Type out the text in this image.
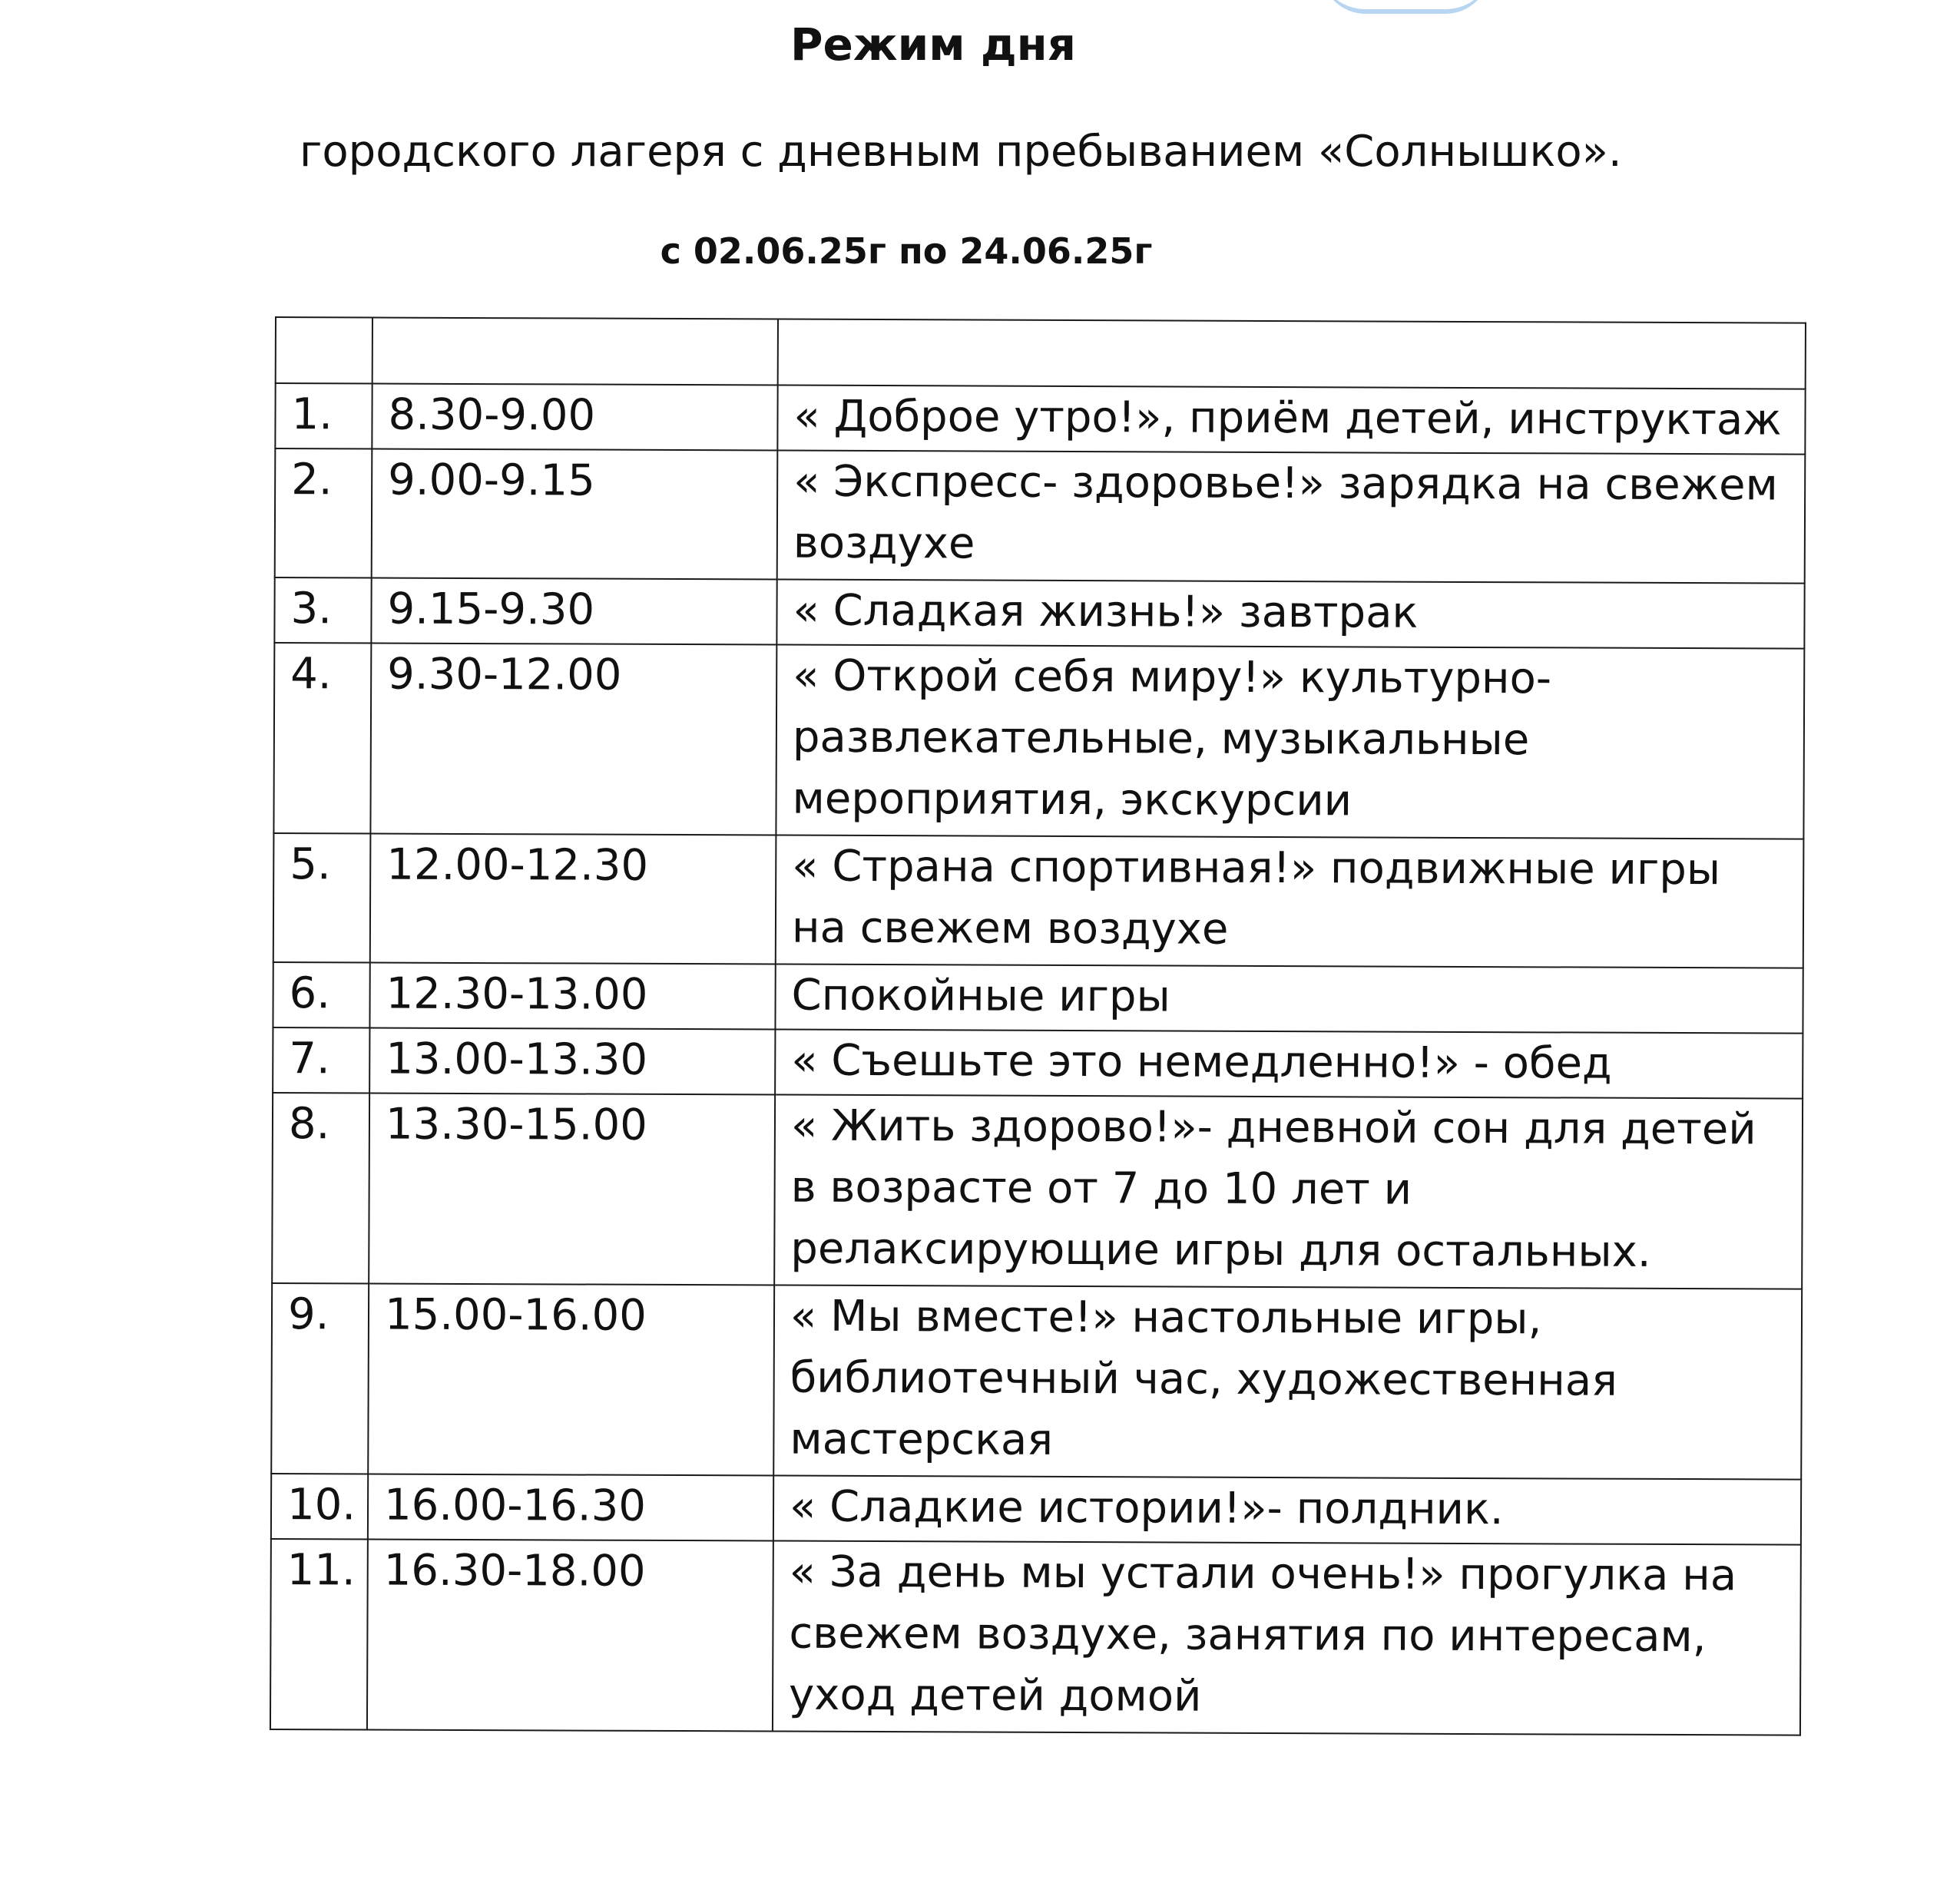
Режим дня

городского лагеря с дневным пребыванием «Солнышко».

с 02.06.25г по 24.06.25г

1.	8.30-9.00	« Доброе утро!», приём детей, инструктаж
2.	9.00-9.15	« Экспресс- здоровье!» зарядка на свежем воздухе
3.	9.15-9.30	« Сладкая жизнь!» завтрак
4.	9.30-12.00	« Открой себя миру!» культурно-развлекательные, музыкальные мероприятия, экскурсии
5.	12.00-12.30	« Страна спортивная!» подвижные игры на свежем воздухе
6.	12.30-13.00	Спокойные игры
7.	13.00-13.30	« Съешьте это немедленно!» - обед
8.	13.30-15.00	« Жить здорово!»- дневной сон для детей в возрасте от 7 до 10 лет и релаксирующие игры для остальных.
9.	15.00-16.00	« Мы вместе!» настольные игры, библиотечный час, художественная мастерская
10.	16.00-16.30	« Сладкие истории!»- полдник.
11.	16.30-18.00	« За день мы устали очень!» прогулка на свежем воздухе, занятия по интересам, уход детей домой
